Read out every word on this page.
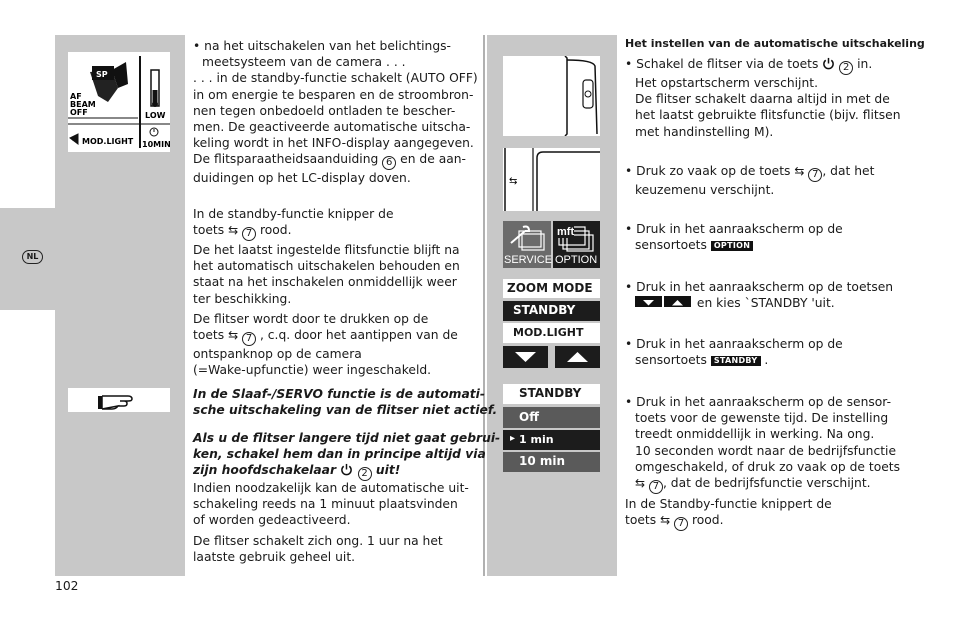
NL
SP
AF
BEAM
OFF	LOW
MOD.LIGHT 10MIN
• na het uitschakelen van het belichtings-
meetsysteem van de camera . . .
. . . in de standby-functie schakelt (AUTO OFF)
in om energie te besparen en de stroombron-
nen tegen onbedoeld ontladen te bescher-
men. De geactiveerde automatische uitscha-
keling wordt in het INFO-display aangegeven.
De flitsparaatheidsaanduiding 6 en de aan-
duidingen op het LC-display doven.
In de standby-functie knipper de
toets ⇆ 7 rood.
De het laatst ingestelde flitsfunctie blijft na
het automatisch uitschakelen behouden en
staat na het inschakelen onmiddellijk weer
ter beschikking.
De flitser wordt door te drukken op de
toets ⇆ 7 , c.q. door het aantippen van de
ontspanknop op de camera
(=Wake-upfunctie) weer ingeschakeld.
In de Slaaf-/SERVO functie is de automati-
sche uitschakeling van de flitser niet actief.
Als u de flitser langere tijd niet gaat gebrui-
ken, schakel hem dan in principe altijd via
zijn hoofdschakelaar  2 uit!
Indien noodzakelijk kan de automatische uit-
schakeling reeds na 1 minuut plaatsvinden
of worden gedeactiveerd.
De flitser schakelt zich ong. 1 uur na het
laatste gebruik geheel uit.
102
⇆
SERVICE
mft
OPTION
ZOOM MODE
STANDBY
MOD.LIGHT
STANDBY
Off
▸ 1 min
10 min
Het instellen van de automatische uitschakeling
• Schakel de flitser via de toets  2 in.
Het opstartscherm verschijnt.
De flitser schakelt daarna altijd in met de
het laatst gebruikte flitsfunctie (bijv. flitsen
met handinstelling M).
• Druk zo vaak op de toets ⇆ 7 , dat het
keuzemenu verschijnt.
• Druk in het aanraakscherm op de
sensortoets OPTION
• Druk in het aanraakscherm op de toetsen
en kies `STANDBY 'uit.
• Druk in het aanraakscherm op de
sensortoets STANDBY .
• Druk in het aanraakscherm op de sensor-
toets voor de gewenste tijd. De instelling
treedt onmiddellijk in werking. Na ong.
10 seconden wordt naar de bedrijfsfunctie
omgeschakeld, of druk zo vaak op de toets
⇆ 7 , dat de bedrijfsfunctie verschijnt.
In de Standby-functie knippert de
toets ⇆ 7 rood.
